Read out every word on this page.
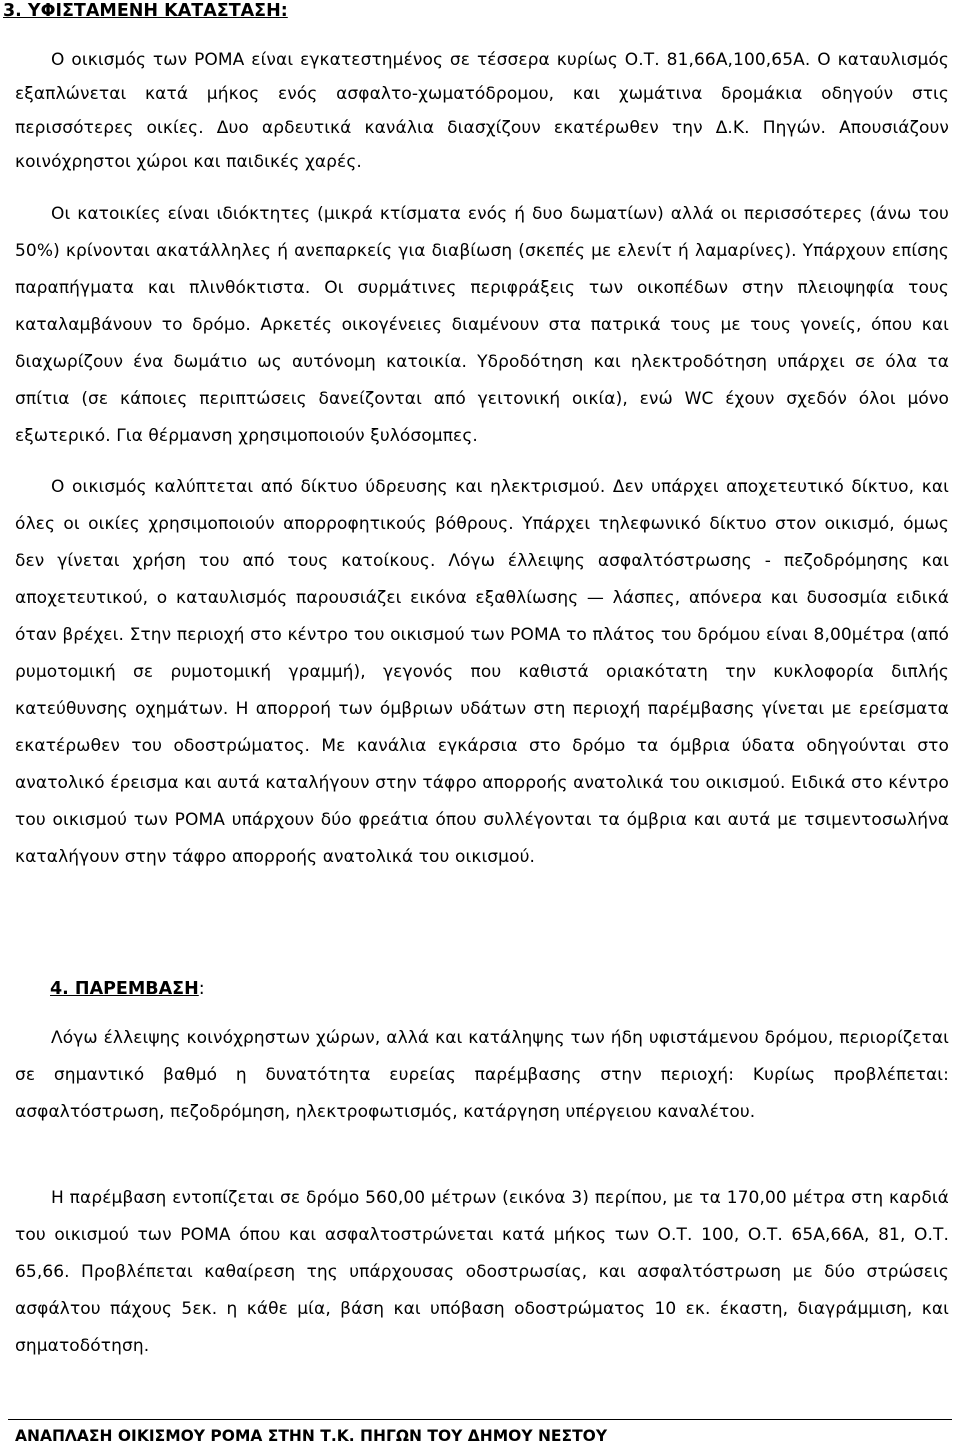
3. ΥΦΙΣΤΑΜΕΝΗ ΚΑΤΑΣΤΑΣΗ:

Ο οικισμός των ΡΟΜΑ είναι εγκατεστημένος σε τέσσερα κυρίως Ο.Τ. 81,66Α,100,65Α. Ο καταυλισμός εξαπλώνεται κατά μήκος ενός ασφαλτο-χωματόδρομου, και χωμάτινα δρομάκια οδηγούν στις περισσότερες οικίες. Δυο αρδευτικά κανάλια διασχίζουν εκατέρωθεν την Δ.Κ. Πηγών. Απουσιάζουν κοινόχρηστοι χώροι και παιδικές χαρές.

Οι κατοικίες είναι ιδιόκτητες (μικρά κτίσματα ενός ή δυο δωματίων) αλλά οι περισσότερες (άνω του 50%) κρίνονται ακατάλληλες ή ανεπαρκείς για διαβίωση (σκεπές με ελενίτ ή λαμαρίνες). Υπάρχουν επίσης παραπήγματα και πλινθόκτιστα. Οι συρμάτινες περιφράξεις των οικοπέδων στην πλειοψηφία τους καταλαμβάνουν το δρόμο. Αρκετές οικογένειες διαμένουν στα πατρικά τους με τους γονείς, όπου και διαχωρίζουν ένα δωμάτιο ως αυτόνομη κατοικία. Υδροδότηση και ηλεκτροδότηση υπάρχει σε όλα τα σπίτια (σε κάποιες περιπτώσεις δανείζονται από γειτονική οικία), ενώ WC έχουν σχεδόν όλοι μόνο εξωτερικό. Για θέρμανση χρησιμοποιούν ξυλόσομπες.

Ο οικισμός καλύπτεται από δίκτυο ύδρευσης και ηλεκτρισμού. Δεν υπάρχει αποχετευτικό δίκτυο, και όλες οι οικίες χρησιμοποιούν απορροφητικούς βόθρους. Υπάρχει τηλεφωνικό δίκτυο στον οικισμό, όμως δεν γίνεται χρήση του από τους κατοίκους. Λόγω έλλειψης ασφαλτόστρωσης - πεζοδρόμησης και αποχετευτικού, ο καταυλισμός παρουσιάζει εικόνα εξαθλίωσης — λάσπες, απόνερα και δυσοσμία ειδικά όταν βρέχει. Στην περιοχή στο κέντρο του οικισμού των ΡΟΜΑ το πλάτος του δρόμου είναι 8,00μέτρα (από ρυμοτομική σε ρυμοτομική γραμμή), γεγονός που καθιστά οριακότατη την κυκλοφορία διπλής κατεύθυνσης οχημάτων. Η απορροή των όμβριων υδάτων στη περιοχή παρέμβασης γίνεται με ερείσματα εκατέρωθεν του οδοστρώματος. Με κανάλια εγκάρσια στο δρόμο τα όμβρια ύδατα οδηγούνται στο ανατολικό έρεισμα και αυτά καταλήγουν στην τάφρο απορροής ανατολικά του οικισμού. Ειδικά στο κέντρο του οικισμού των ΡΟΜΑ υπάρχουν δύο φρεάτια όπου συλλέγονται τα όμβρια και αυτά με τσιμεντοσωλήνα καταλήγουν στην τάφρο απορροής ανατολικά του οικισμού.

4. ΠΑΡΕΜΒΑΣΗ:

Λόγω έλλειψης κοινόχρηστων χώρων, αλλά και κατάληψης των ήδη υφιστάμενου δρόμου, περιορίζεται σε σημαντικό βαθμό η δυνατότητα ευρείας παρέμβασης στην περιοχή: Κυρίως προβλέπεται: ασφαλτόστρωση, πεζοδρόμηση, ηλεκτροφωτισμός, κατάργηση υπέργειου καναλέτου.

Η παρέμβαση εντοπίζεται σε δρόμο 560,00 μέτρων (εικόνα 3) περίπου, με τα 170,00 μέτρα στη καρδιά του οικισμού των ΡΟΜΑ όπου και ασφαλτοστρώνεται κατά μήκος των Ο.Τ. 100, Ο.Τ. 65Α,66Α, 81, Ο.Τ. 65,66. Προβλέπεται καθαίρεση της υπάρχουσας οδοστρωσίας, και ασφαλτόστρωση με δύο στρώσεις ασφάλτου πάχους 5εκ. η κάθε μία, βάση και υπόβαση οδοστρώματος 10 εκ. έκαστη, διαγράμμιση, και σηματοδότηση.

ΑΝΑΠΛΑΣΗ ΟΙΚΙΣΜΟΥ ΡΟΜΑ ΣΤΗΝ Τ.Κ. ΠΗΓΩΝ ΤΟΥ ΔΗΜΟΥ ΝΕΣΤΟΥ
